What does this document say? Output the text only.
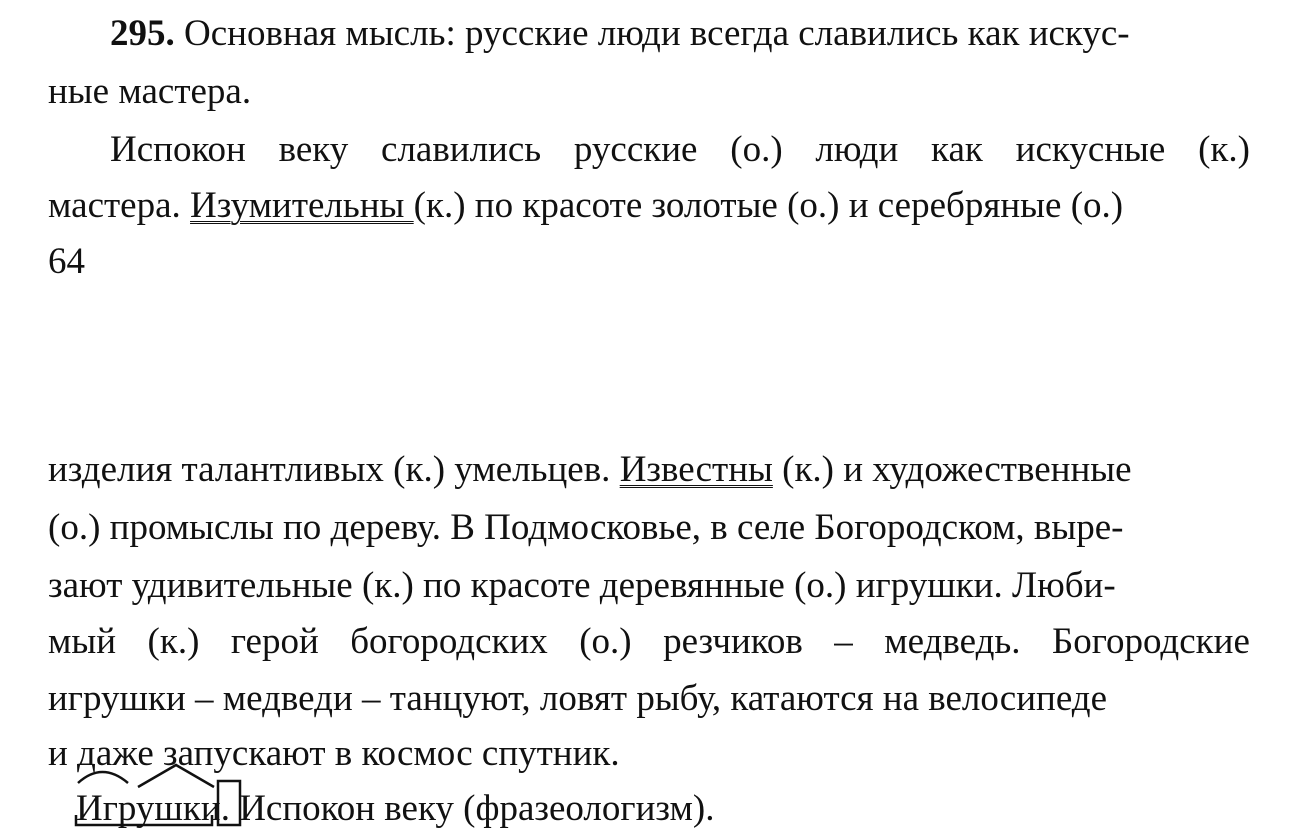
295. Основная мысль: русские люди всегда славились как искус-
ные мастера.
Испокон веку славились русские (о.) люди как искусные (к.)
мастера. Изумительны (к.) по красоте золотые (о.) и серебряные (о.)
64
изделия талантливых (к.) умельцев. Известны (к.) и художественные
(о.) промыслы по дереву. В Подмосковье, в селе Богородском, выре-
зают удивительные (к.) по красоте деревянные (о.) игрушки. Люби-
мый (к.) герой богородских (о.) резчиков – медведь. Богородские
игрушки – медведи – танцуют, ловят рыбу, катаются на велосипеде
и даже запускают в космос спутник.
Игрушки
. Испокон веку (фразеологизм).
